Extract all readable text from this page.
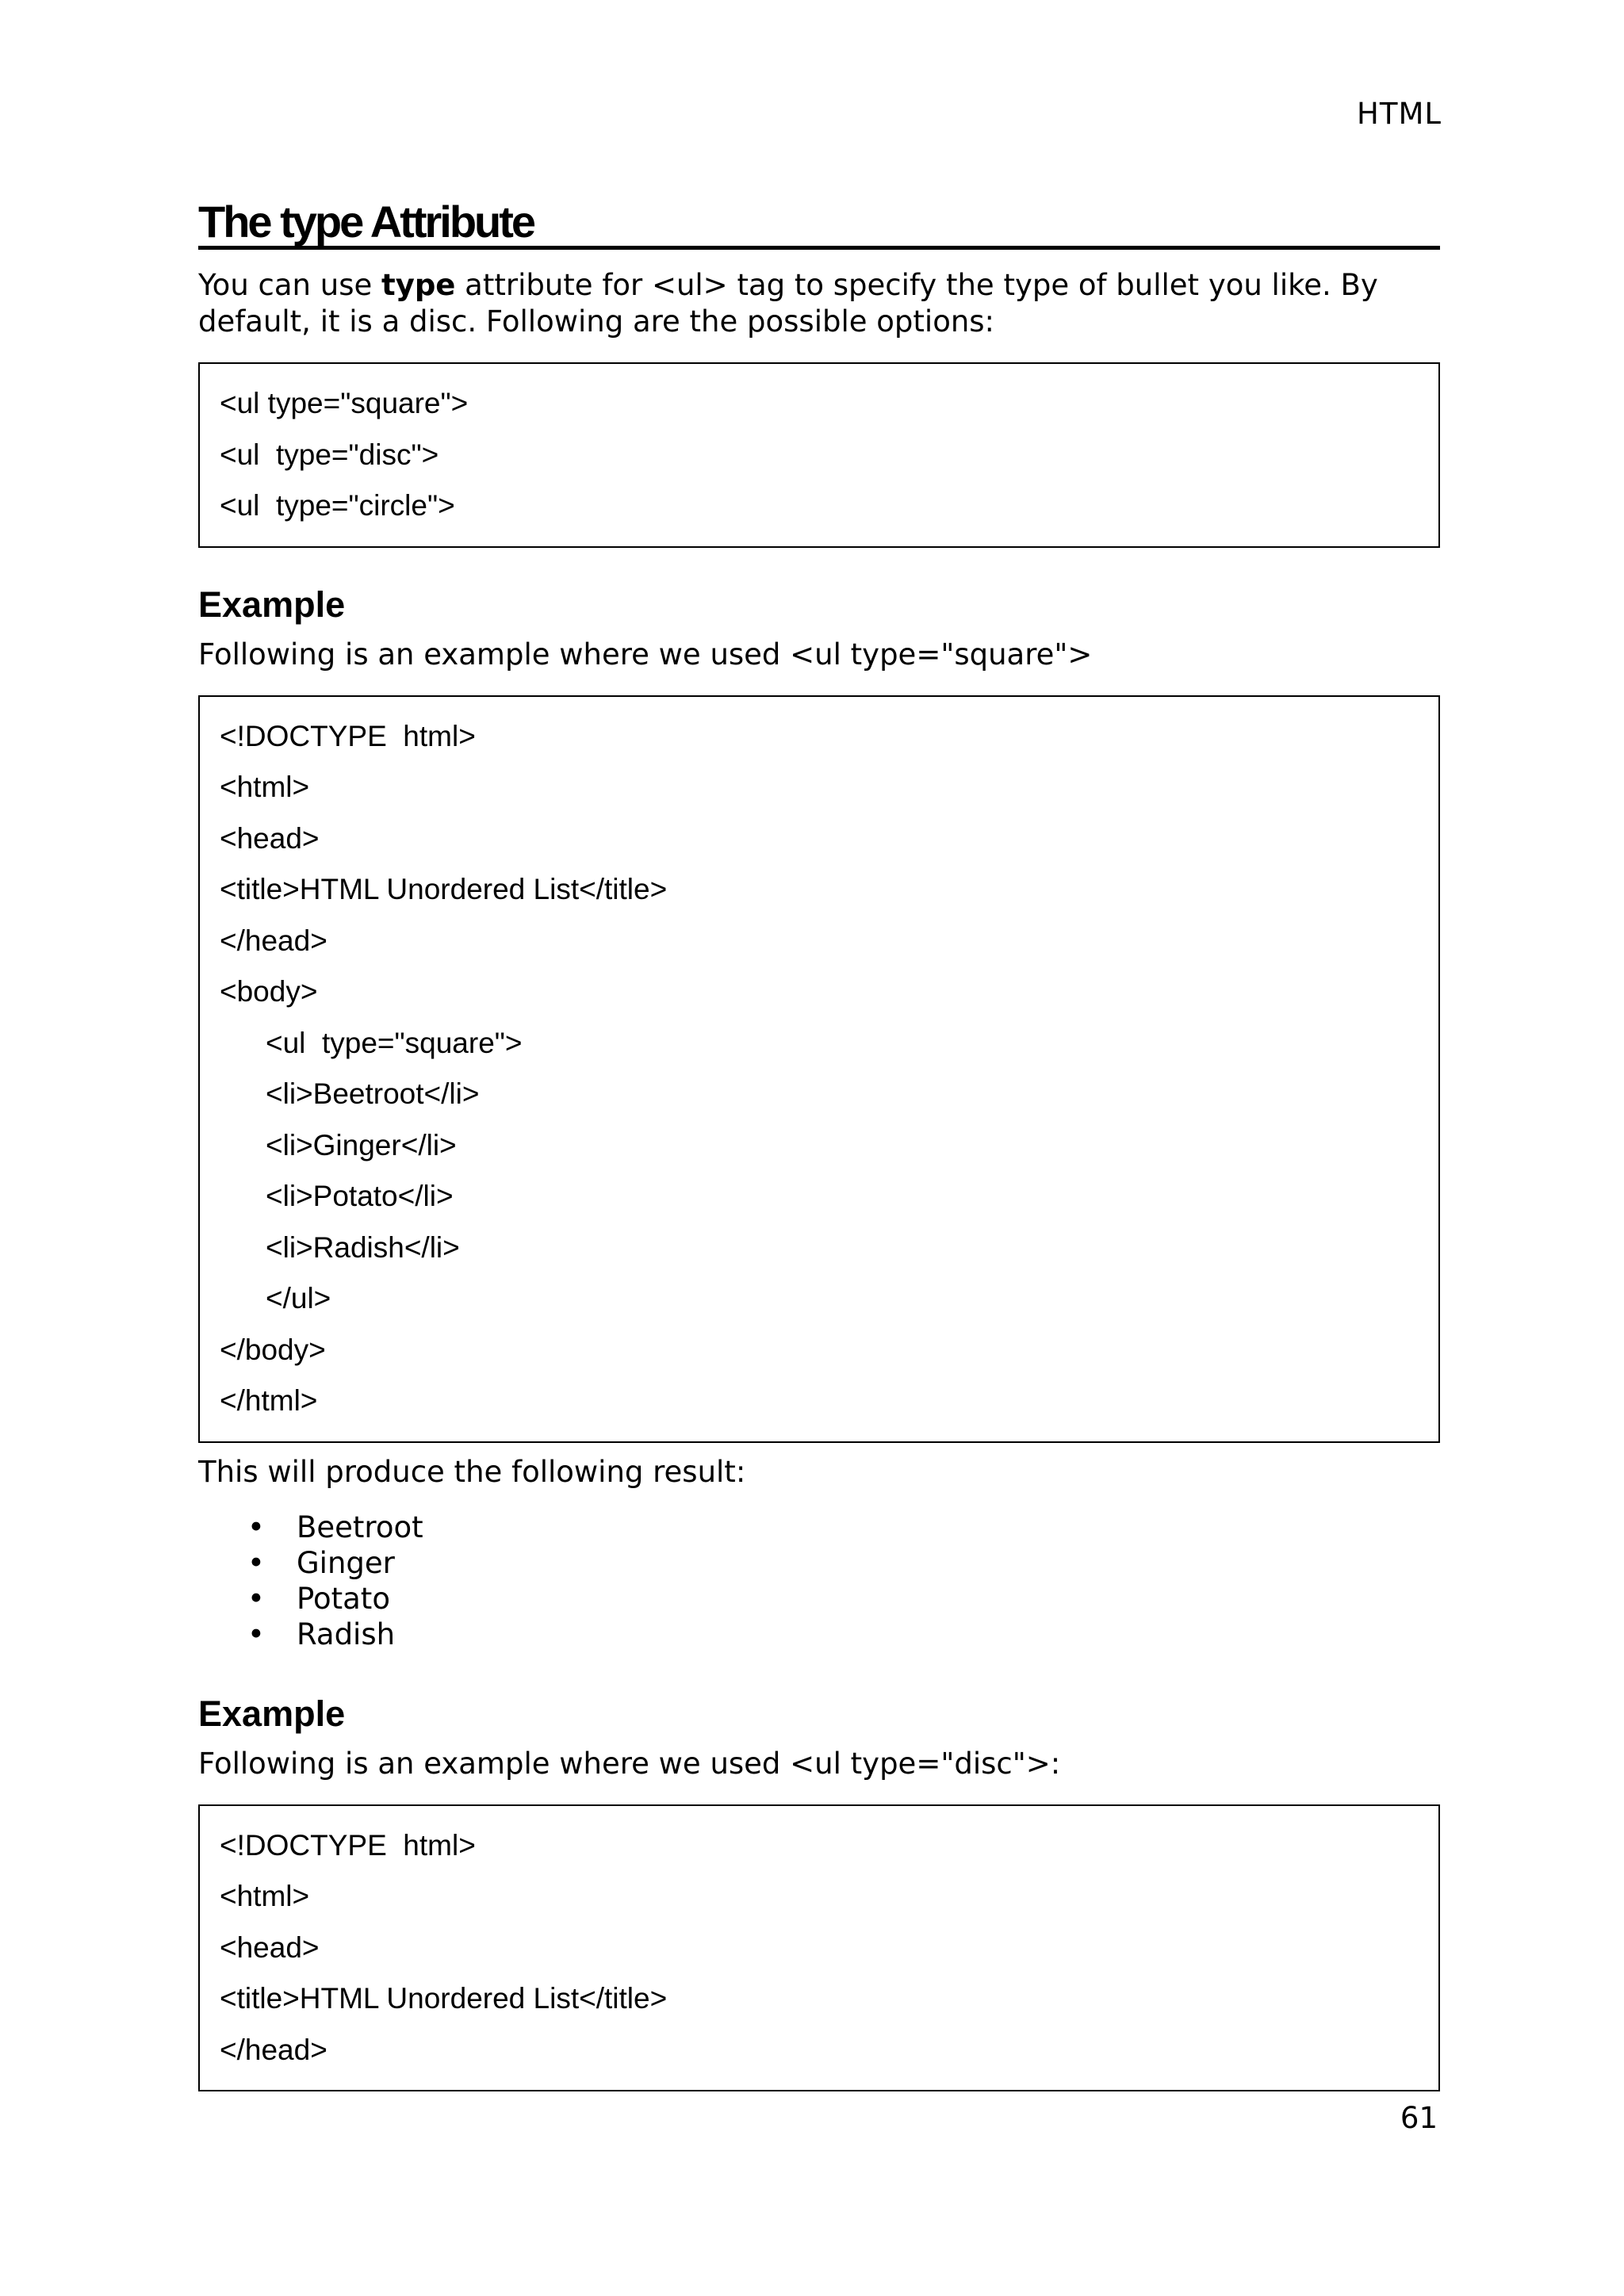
HTML
The type Attribute

You can use type attribute for <ul> tag to specify the type of bullet you like. By default, it is a disc. Following are the possible options:

<ul type="square">
<ul  type="disc">
<ul  type="circle">
Example

Following is an example where we used <ul type="square">

<!DOCTYPE  html>
<html>
<head>
<title>HTML Unordered List</title>
</head>
<body>
<ul  type="square">
<li>Beetroot</li>
<li>Ginger</li>
<li>Potato</li>
<li>Radish</li>
</ul>
</body>
</html>

This will produce the following result:

• Beetroot
• Ginger
• Potato
• Radish
Example

Following is an example where we used <ul type="disc">:

<!DOCTYPE  html>
<html>
<head>
<title>HTML Unordered List</title>
</head>
61
